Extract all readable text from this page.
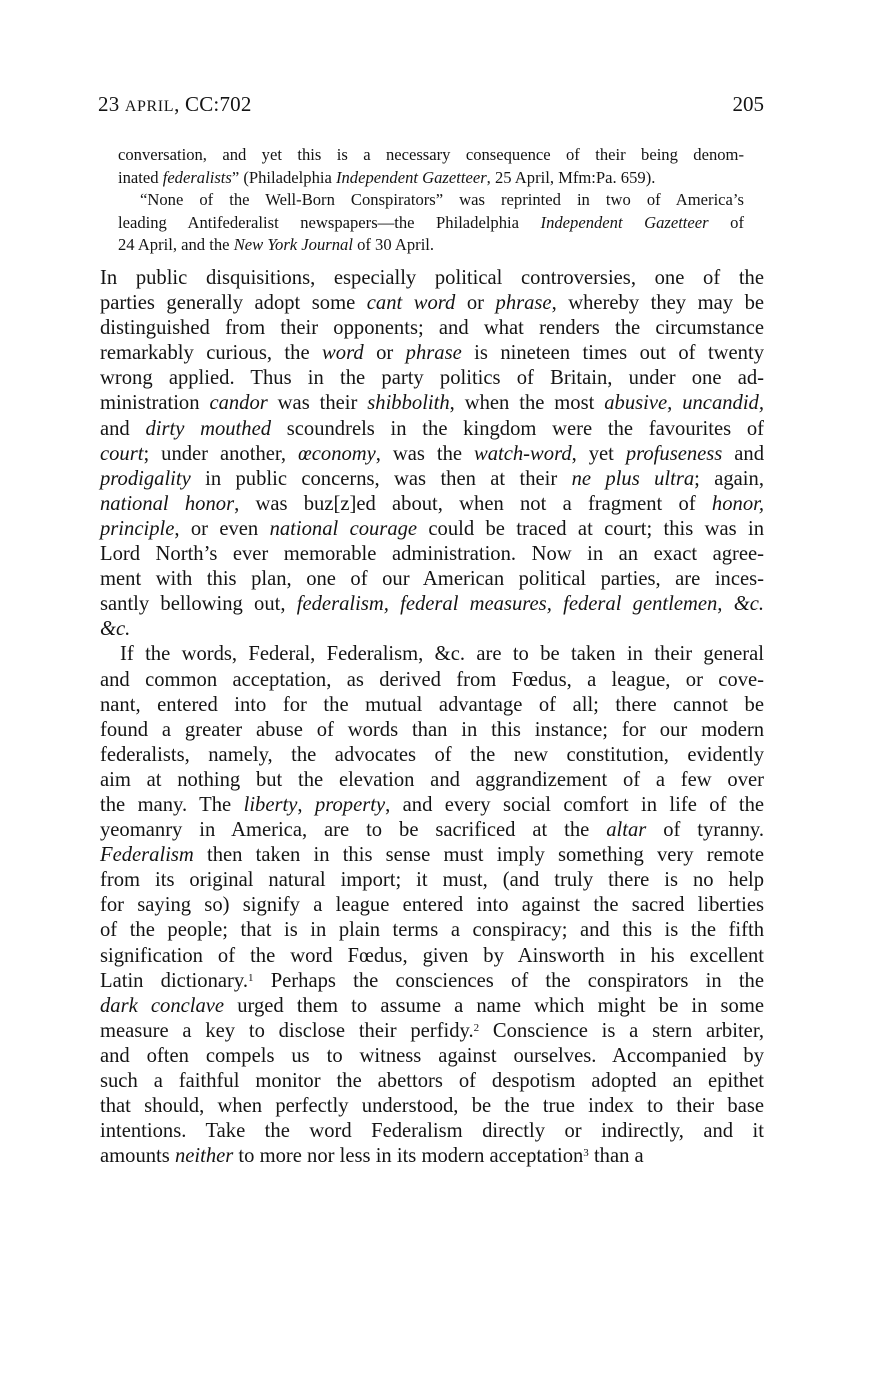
23 APRIL, CC:702	205
conversation, and yet this is a necessary consequence of their being denom-
inated federalists” (Philadelphia Independent Gazetteer, 25 April, Mfm:Pa. 659).
“None of the Well-Born Conspirators” was reprinted in two of America’s
leading Antifederalist newspapers—the Philadelphia Independent Gazetteer of
24 April, and the New York Journal of 30 April.
In public disquisitions, especially political controversies, one of the
parties generally adopt some cant word or phrase, whereby they may be
distinguished from their opponents; and what renders the circumstance
remarkably curious, the word or phrase is nineteen times out of twenty
wrong applied. Thus in the party politics of Britain, under one ad-
ministration candor was their shibbolith, when the most abusive, uncandid,
and dirty mouthed scoundrels in the kingdom were the favourites of
court; under another, œconomy, was the watch-word, yet profuseness and
prodigality in public concerns, was then at their ne plus ultra; again,
national honor, was buz[z]ed about, when not a fragment of honor,
principle, or even national courage could be traced at court; this was in
Lord North’s ever memorable administration. Now in an exact agree-
ment with this plan, one of our American political parties, are inces-
santly bellowing out, federalism, federal measures, federal gentlemen, &c.
&c.
If the words, Federal, Federalism, &c. are to be taken in their general
and common acceptation, as derived from Fœdus, a league, or cove-
nant, entered into for the mutual advantage of all; there cannot be
found a greater abuse of words than in this instance; for our modern
federalists, namely, the advocates of the new constitution, evidently
aim at nothing but the elevation and aggrandizement of a few over
the many. The liberty, property, and every social comfort in life of the
yeomanry in America, are to be sacrificed at the altar of tyranny.
Federalism then taken in this sense must imply something very remote
from its original natural import; it must, (and truly there is no help
for saying so) signify a league entered into against the sacred liberties
of the people; that is in plain terms a conspiracy; and this is the fifth
signification of the word Fœdus, given by Ainsworth in his excellent
Latin dictionary.$^1$ Perhaps the consciences of the conspirators in the
dark conclave urged them to assume a name which might be in some
measure a key to disclose their perfidy.$^2$ Conscience is a stern arbiter,
and often compels us to witness against ourselves. Accompanied by
such a faithful monitor the abettors of despotism adopted an epithet
that should, when perfectly understood, be the true index to their base
intentions. Take the word Federalism directly or indirectly, and it
amounts neither to more nor less in its modern acceptation$^3$ than a
